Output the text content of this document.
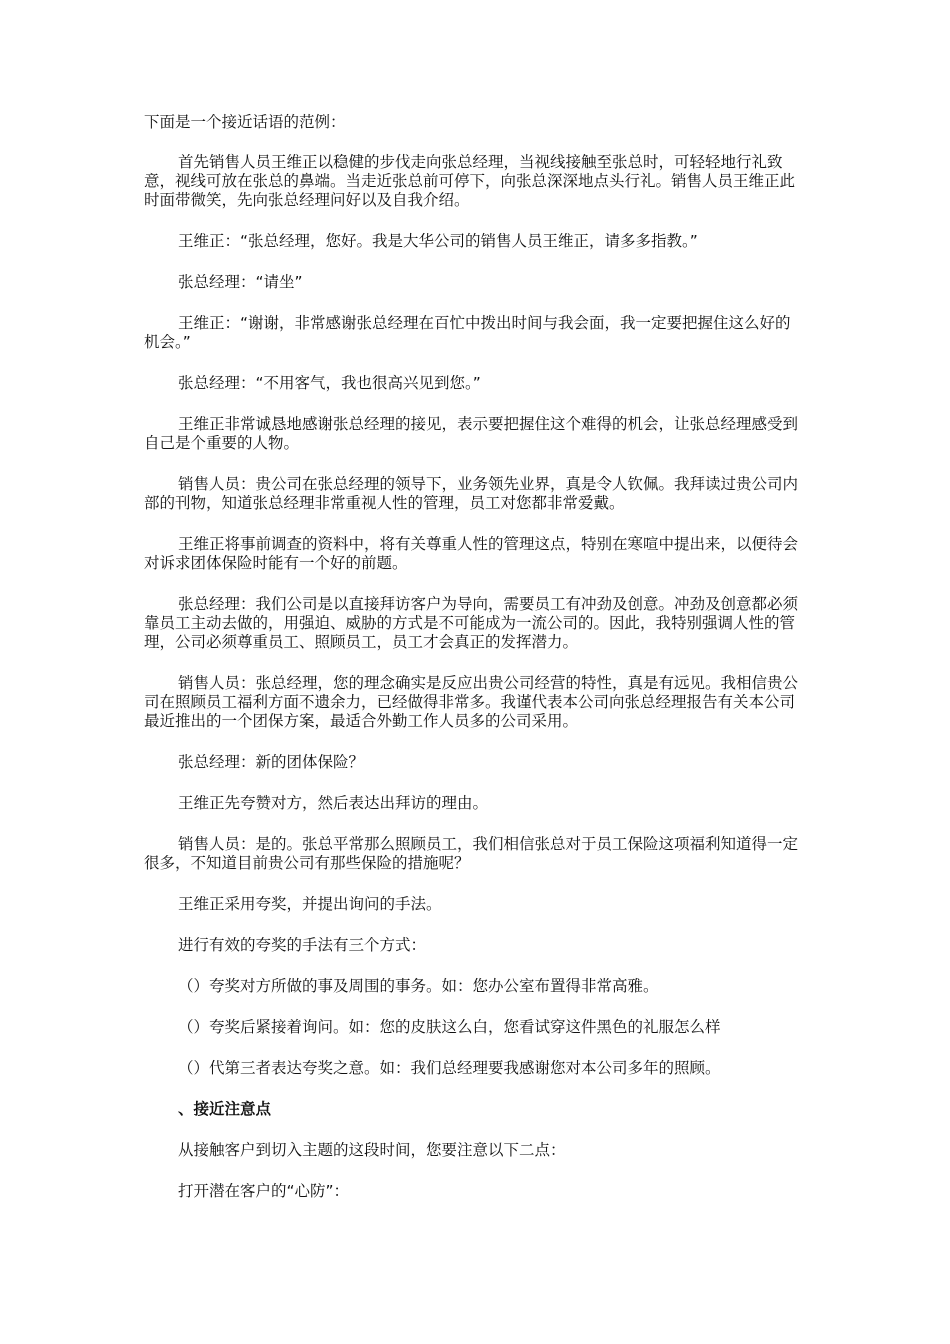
下面是一个接近话语的范例：

首先销售人员王维正以稳健的步伐走向张总经理，当视线接触至张总时，可轻轻地行礼致意，视线可放在张总的鼻端。当走近张总前可停下，向张总深深地点头行礼。销售人员王维正此时面带微笑，先向张总经理问好以及自我介绍。

王维正：“张总经理，您好。我是大华公司的销售人员王维正，请多多指教。”

张总经理：“请坐”

王维正：“谢谢，非常感谢张总经理在百忙中拨出时间与我会面，我一定要把握住这么好的机会。”

张总经理：“不用客气，我也很高兴见到您。”

王维正非常诚恳地感谢张总经理的接见，表示要把握住这个难得的机会，让张总经理感受到自己是个重要的人物。

销售人员：贵公司在张总经理的领导下，业务领先业界，真是令人钦佩。我拜读过贵公司内部的刊物，知道张总经理非常重视人性的管理，员工对您都非常爱戴。

王维正将事前调查的资料中，将有关尊重人性的管理这点，特别在寒喧中提出来，以便待会对诉求团体保险时能有一个好的前题。

张总经理：我们公司是以直接拜访客户为导向，需要员工有冲劲及创意。冲劲及创意都必须靠员工主动去做的，用强迫、威胁的方式是不可能成为一流公司的。因此，我特别强调人性的管理，公司必须尊重员工、照顾员工，员工才会真正的发挥潜力。

销售人员：张总经理，您的理念确实是反应出贵公司经营的特性，真是有远见。我相信贵公司在照顾员工福利方面不遗余力，已经做得非常多。我谨代表本公司向张总经理报告有关本公司最近推出的一个团保方案，最适合外勤工作人员多的公司采用。

张总经理：新的团体保险？

王维正先夸赞对方，然后表达出拜访的理由。

销售人员：是的。张总平常那么照顾员工，我们相信张总对于员工保险这项福利知道得一定很多，不知道目前贵公司有那些保险的措施呢？

王维正采用夸奖，并提出询问的手法。

进行有效的夸奖的手法有三个方式：

（）夸奖对方所做的事及周围的事务。如：您办公室布置得非常高雅。

（）夸奖后紧接着询问。如：您的皮肤这么白，您看试穿这件黑色的礼服怎么样

（）代第三者表达夸奖之意。如：我们总经理要我感谢您对本公司多年的照顾。

、接近注意点

从接触客户到切入主题的这段时间，您要注意以下二点：

打开潜在客户的“心防”：
